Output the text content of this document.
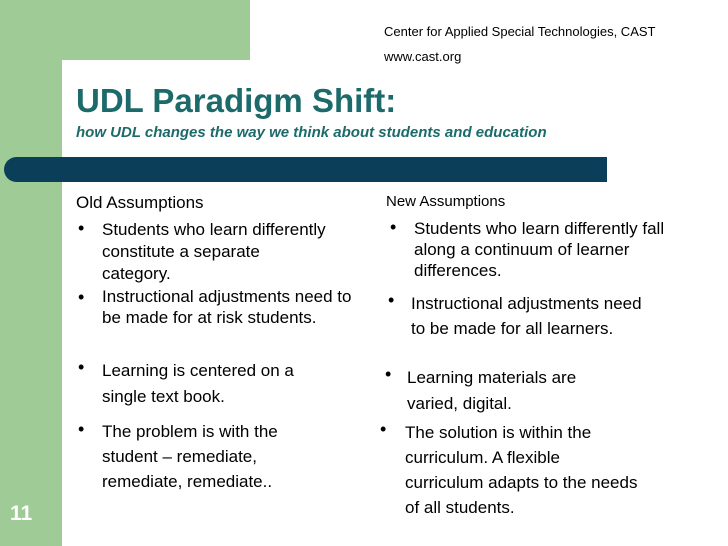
11
Center for Applied Special Technologies, CAST
www.cast.org
UDL Paradigm Shift:
how UDL changes the way we think about students and education
Old Assumptions
• Students who learn differently constitute a separate category.
• Instructional adjustments need to be made for at risk students.
• Learning is centered on a single text book.
• The problem is with the student – remediate, remediate, remediate..
New Assumptions
• Students who learn differently fall along a continuum of learner differences.
• Instructional adjustments need to be made for all learners.
• Learning materials are varied, digital.
• The solution is within the curriculum. A flexible curriculum adapts to the needs of all students.
